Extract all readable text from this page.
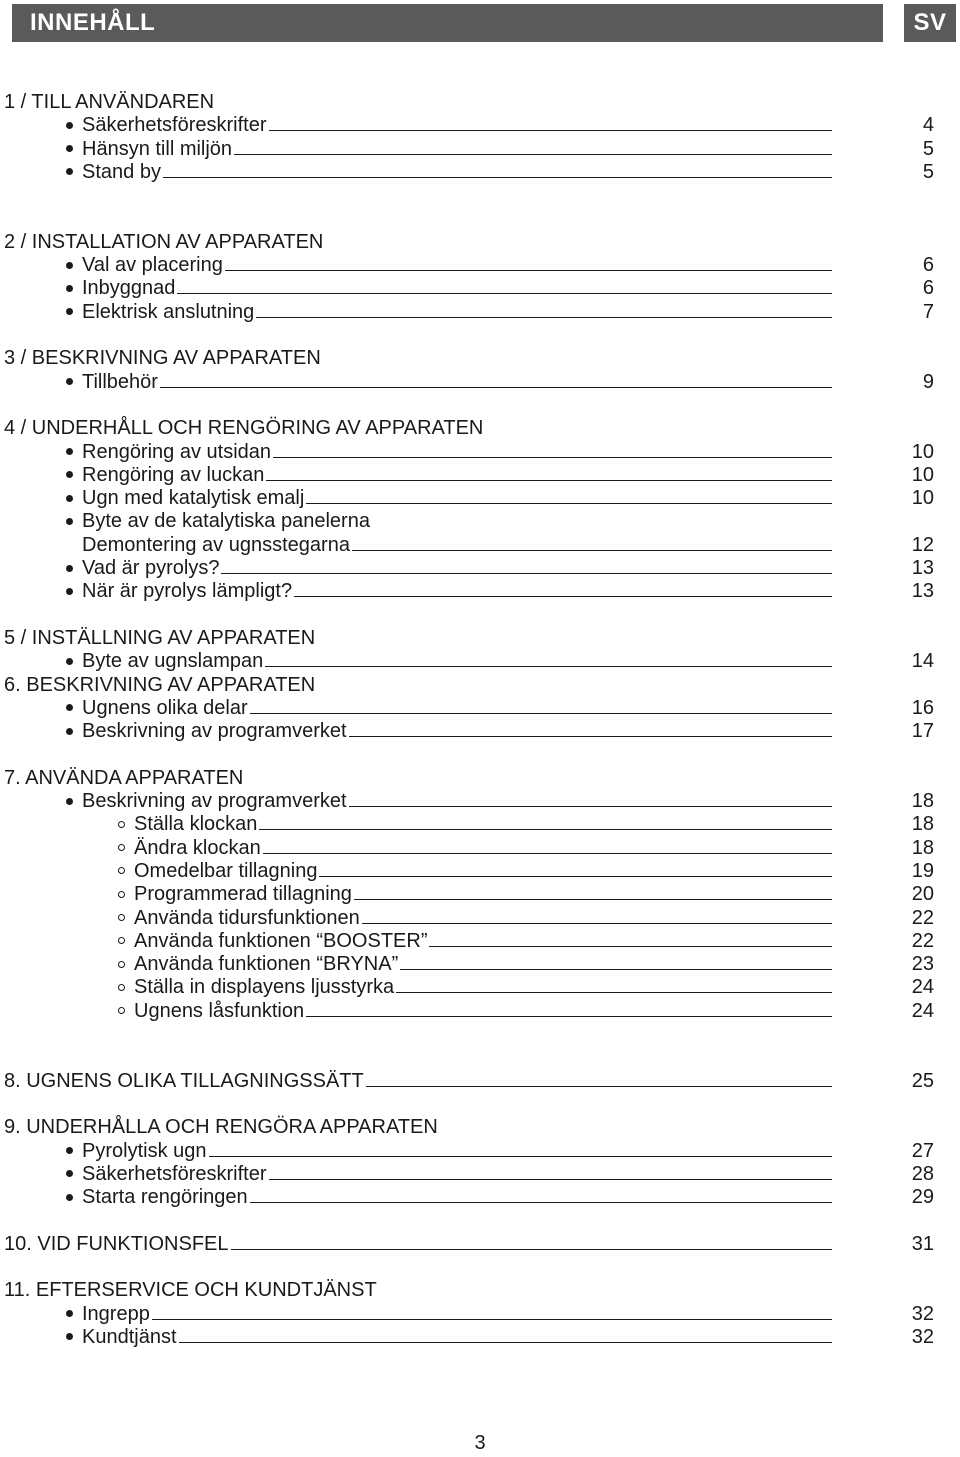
INNEHÅLL	SV
1 / TILL ANVÄNDAREN
Säkerhetsföreskrifter	4
Hänsyn till miljön	5
Stand by	5
2 / INSTALLATION AV APPARATEN
Val av placering	6
Inbyggnad	6
Elektrisk anslutning	7
3 / BESKRIVNING AV APPARATEN
Tillbehör	9
4 / UNDERHÅLL OCH RENGÖRING AV APPARATEN
Rengöring av utsidan	10
Rengöring av luckan	10
Ugn med katalytisk emalj	10
Byte av de katalytiska panelerna
Demontering av ugnsstegarna	12
Vad är pyrolys?	13
När är pyrolys lämpligt?	13
5 / INSTÄLLNING AV APPARATEN
Byte av ugnslampan	14
6. BESKRIVNING AV APPARATEN
Ugnens olika delar	16
Beskrivning av programverket	17
7. ANVÄNDA APPARATEN
Beskrivning av programverket	18
Ställa klockan	18
Ändra klockan	18
Omedelbar tillagning	19
Programmerad tillagning	20
Använda tidursfunktionen	22
Använda funktionen “BOOSTER”	22
Använda funktionen “BRYNA”	23
Ställa in displayens ljusstyrka	24
Ugnens låsfunktion	24
8. UGNENS OLIKA TILLAGNINGSSÄTT	25
9. UNDERHÅLLA OCH RENGÖRA APPARATEN
Pyrolytisk ugn	27
Säkerhetsföreskrifter	28
Starta rengöringen	29
10. VID FUNKTIONSFEL	31
11. EFTERSERVICE OCH KUNDTJÄNST
Ingrepp	32
Kundtjänst	32
3
